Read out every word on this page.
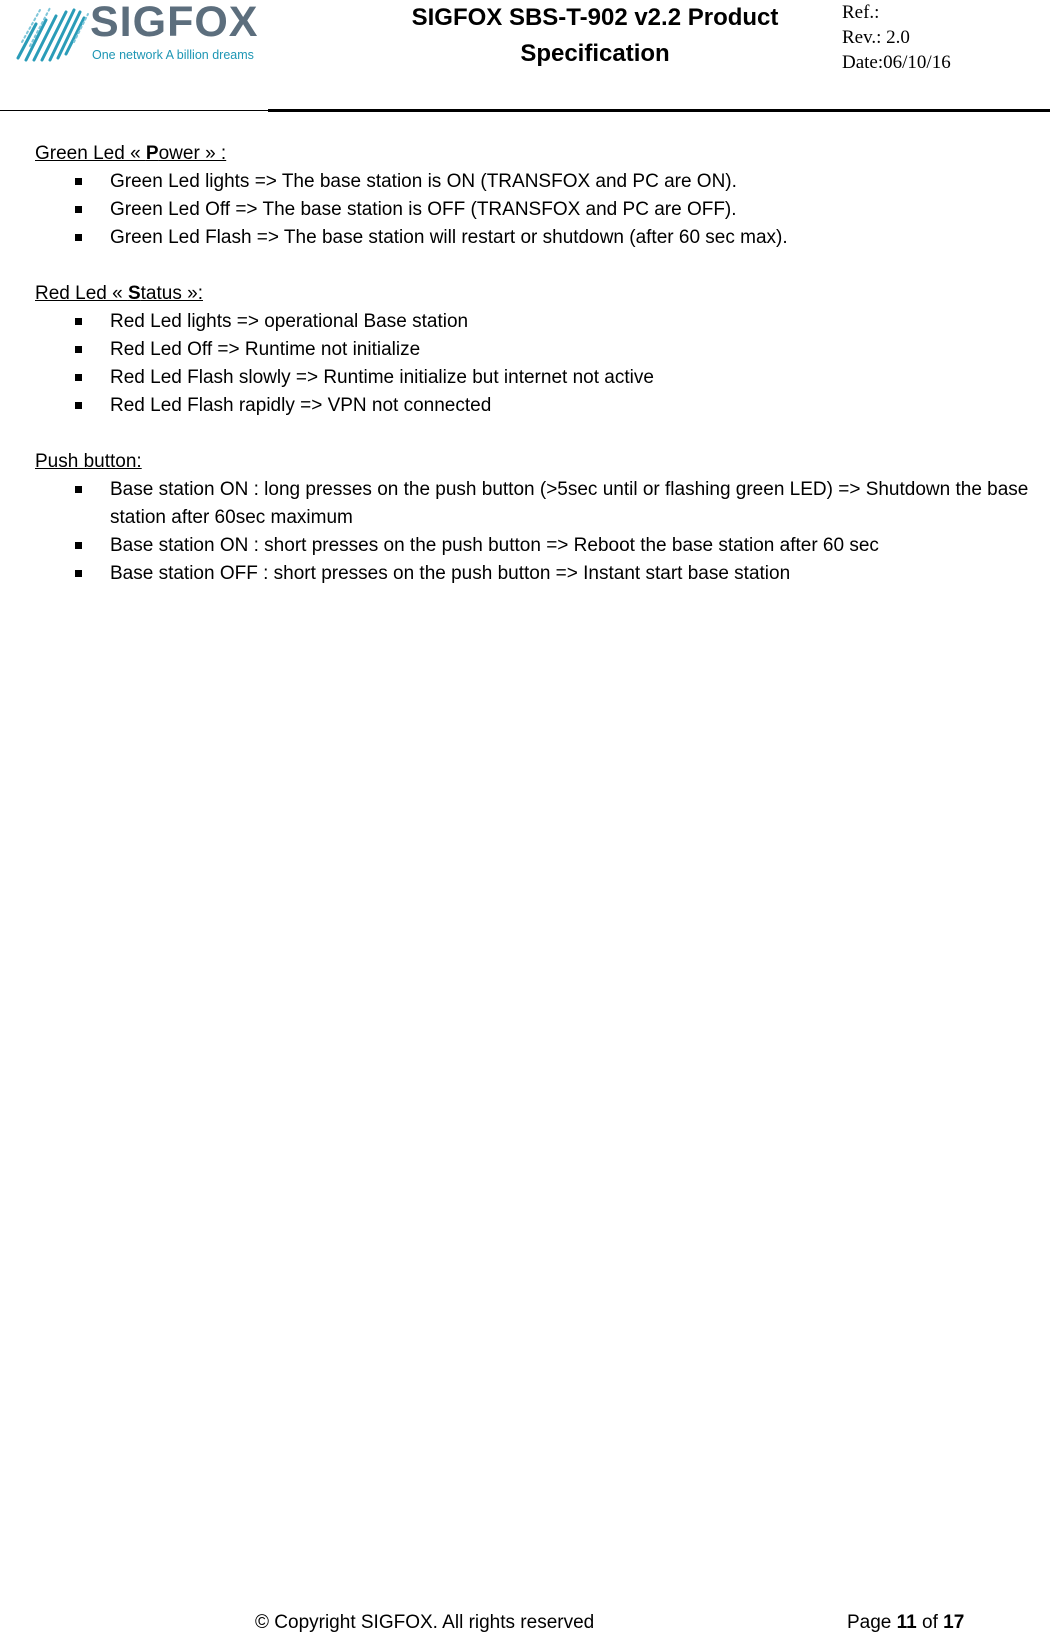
SIGFOX
One network A billion dreams
SIGFOX SBS-T-902 v2.2 Product
Specification
Ref.:
Rev.: 2.0
Date:06/10/16
Green Led « Power » :
Green Led lights => The base station is ON (TRANSFOX and PC are ON).
Green Led Off => The base station is OFF (TRANSFOX and PC are OFF).
Green Led Flash => The base station will restart or shutdown (after 60 sec max).
Red Led « Status »:
Red Led lights => operational Base station
Red Led Off => Runtime not initialize
Red Led Flash slowly => Runtime initialize but internet not active
Red Led Flash rapidly => VPN not connected
Push button:
Base station ON : long presses on the push button (>5sec until or flashing green LED) => Shutdown the base station after 60sec maximum
Base station ON : short presses on the push button => Reboot the base station after 60 sec
Base station OFF : short presses on the push button => Instant start base station
© Copyright SIGFOX. All rights reserved	Page 11 of 17
